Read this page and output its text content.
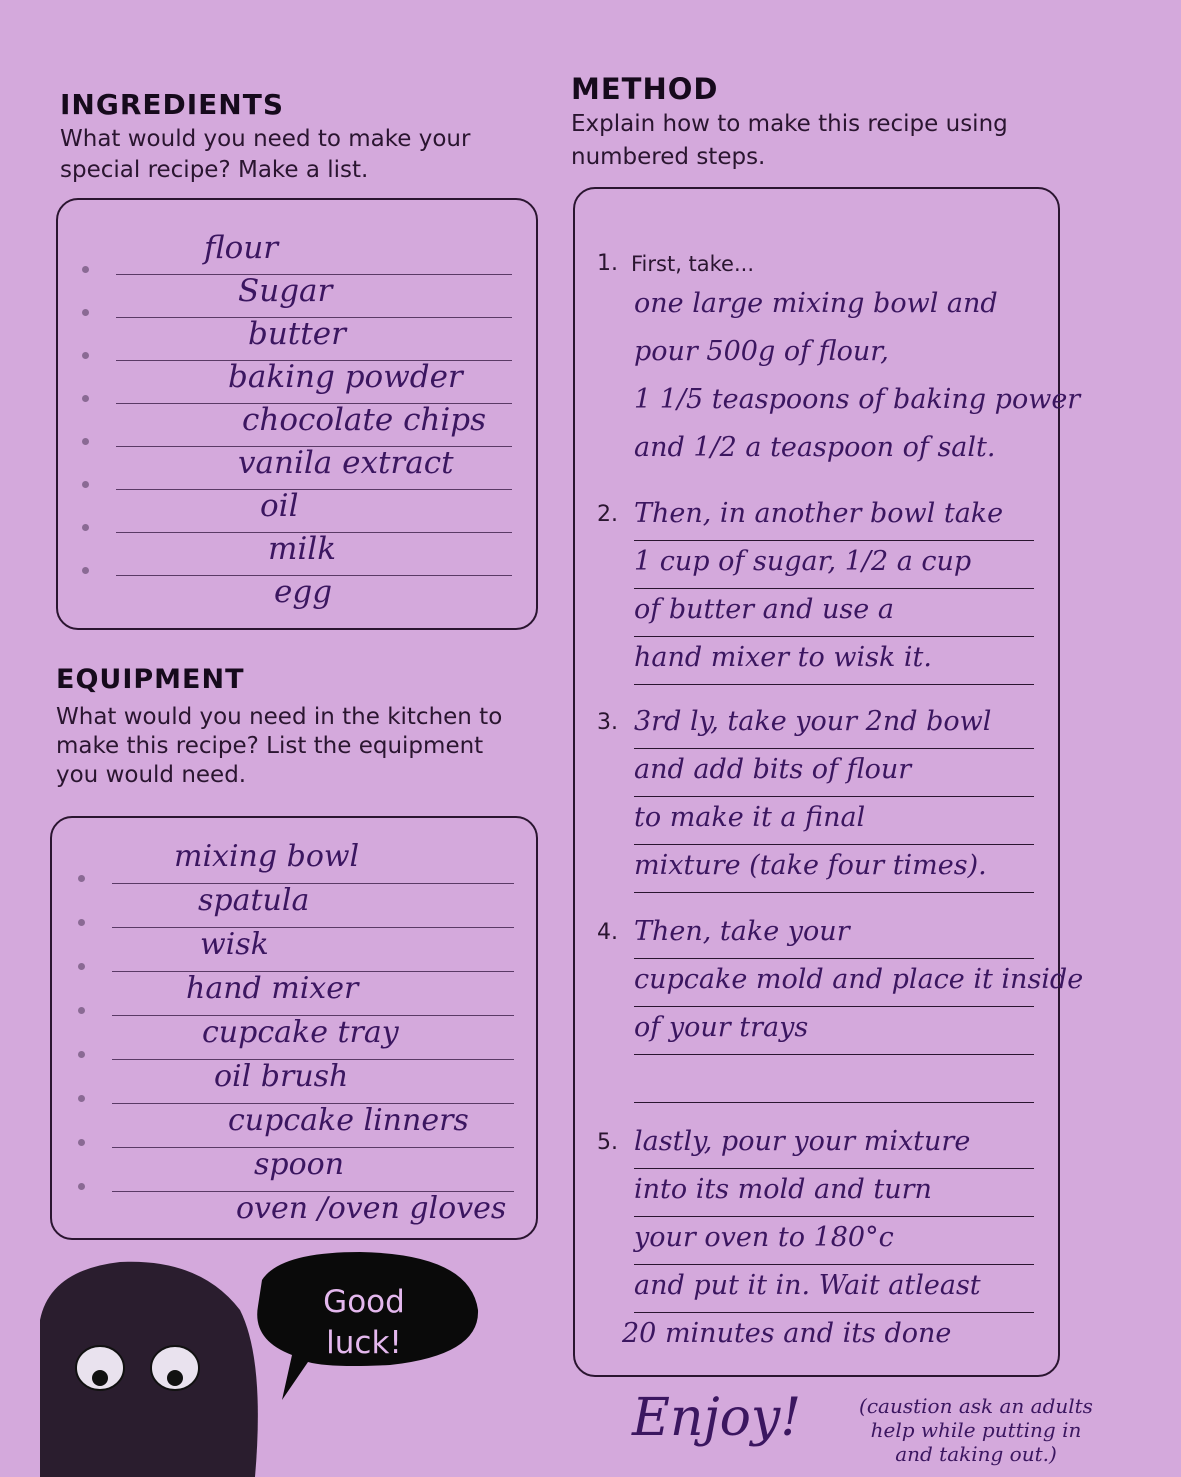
INGREDIENTS
What would you need to make your special recipe? Make a list.
flour
Sugar
butter
baking powder
chocolate chips
vanila extract
oil
milk
egg
EQUIPMENT
What would you need in the kitchen to make this recipe? List the equipment you would need.
mixing bowl
spatula
wisk
hand mixer
cupcake tray
oil brush
cupcake linners
spoon
oven /oven gloves
METHOD
Explain how to make this recipe using numbered steps.
First, take...
1.
one large mixing bowl and
pour 500g of flour,
1 1/5 teaspoons of baking power
and 1/2 a teaspoon of salt.
2. Then, in another bowl take
1 cup of sugar, 1/2 a cup
of butter and use a
hand mixer to wisk it.
3. 3rd ly, take your 2nd bowl
and add bits of flour
to make it a final
mixture (take four times).
4. Then, take your
cupcake mold and place it inside
of your trays
5. lastly, pour your mixture
into its mold and turn
your oven to 180°c
and put it in. Wait atleast
20 minutes and its done
Enjoy!	(caustion ask an adults
help while putting in
and taking out.)
Good
luck!
